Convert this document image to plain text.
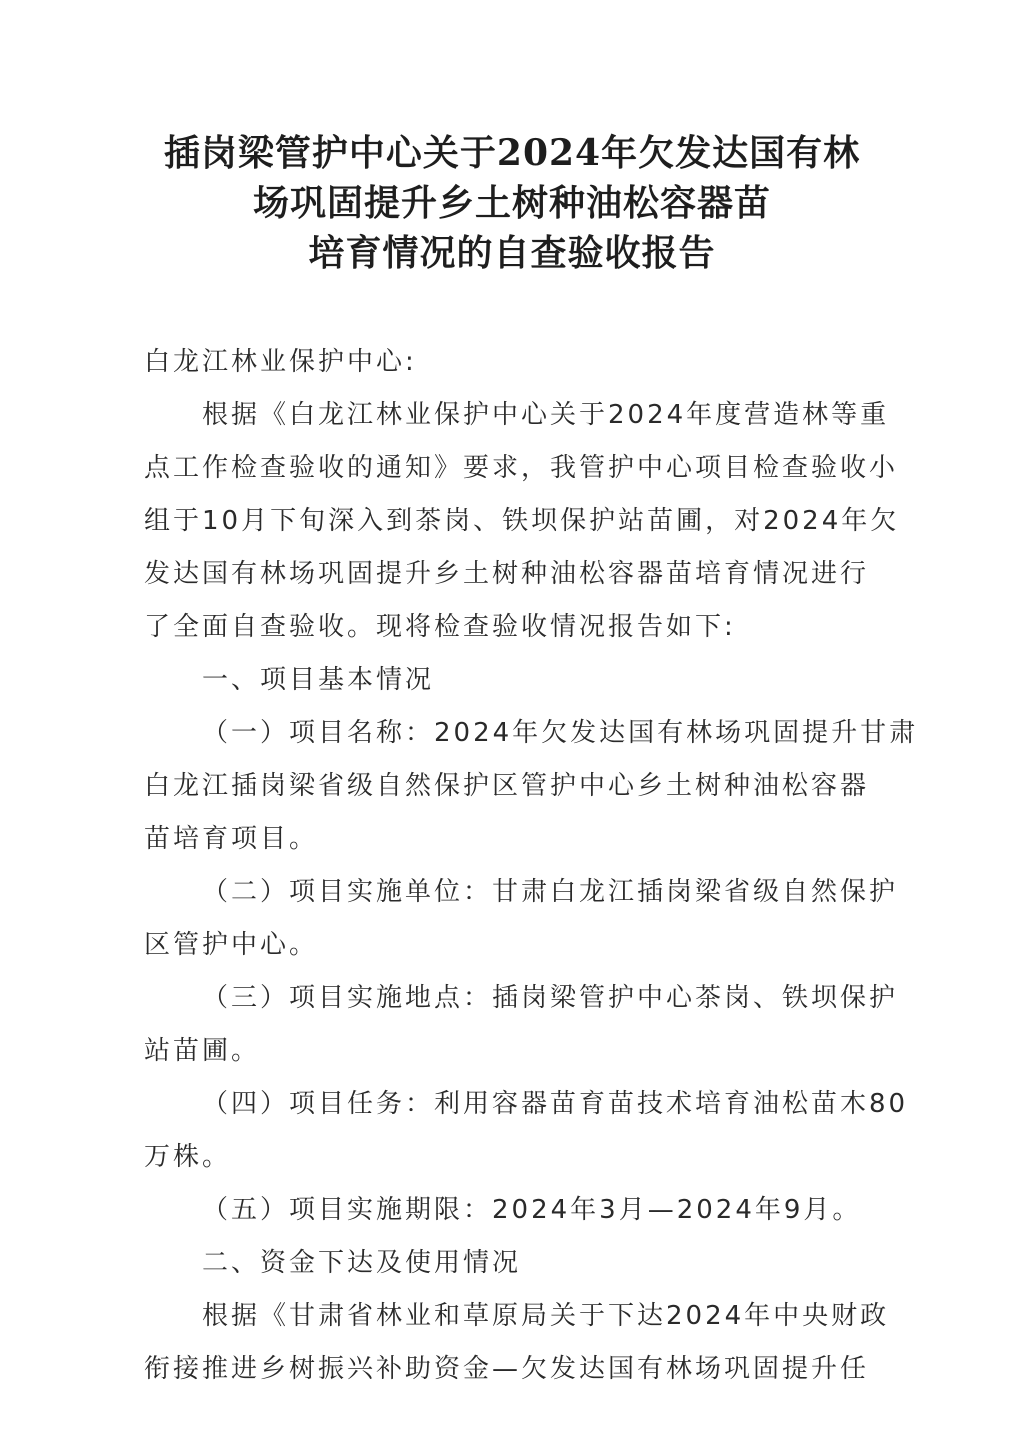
插岗梁管护中心关于2024年欠发达国有林
场巩固提升乡土树种油松容器苗
培育情况的自查验收报告
白龙江林业保护中心:
根据《白龙江林业保护中心关于2024年度营造林等重
点工作检查验收的通知》要求，我管护中心项目检查验收小
组于10月下旬深入到茶岗、铁坝保护站苗圃，对2024年欠
发达国有林场巩固提升乡土树种油松容器苗培育情况进行
了全面自查验收。现将检查验收情况报告如下:
一、项目基本情况
（一）项目名称：2024年欠发达国有林场巩固提升甘肃
白龙江插岗梁省级自然保护区管护中心乡土树种油松容器
苗培育项目。
（二）项目实施单位：甘肃白龙江插岗梁省级自然保护
区管护中心。
（三）项目实施地点：插岗梁管护中心茶岗、铁坝保护
站苗圃。
（四）项目任务：利用容器苗育苗技术培育油松苗木80
万株。
（五）项目实施期限：2024年3月—2024年9月。
二、资金下达及使用情况
根据《甘肃省林业和草原局关于下达2024年中央财政
衔接推进乡树振兴补助资金—欠发达国有林场巩固提升任
